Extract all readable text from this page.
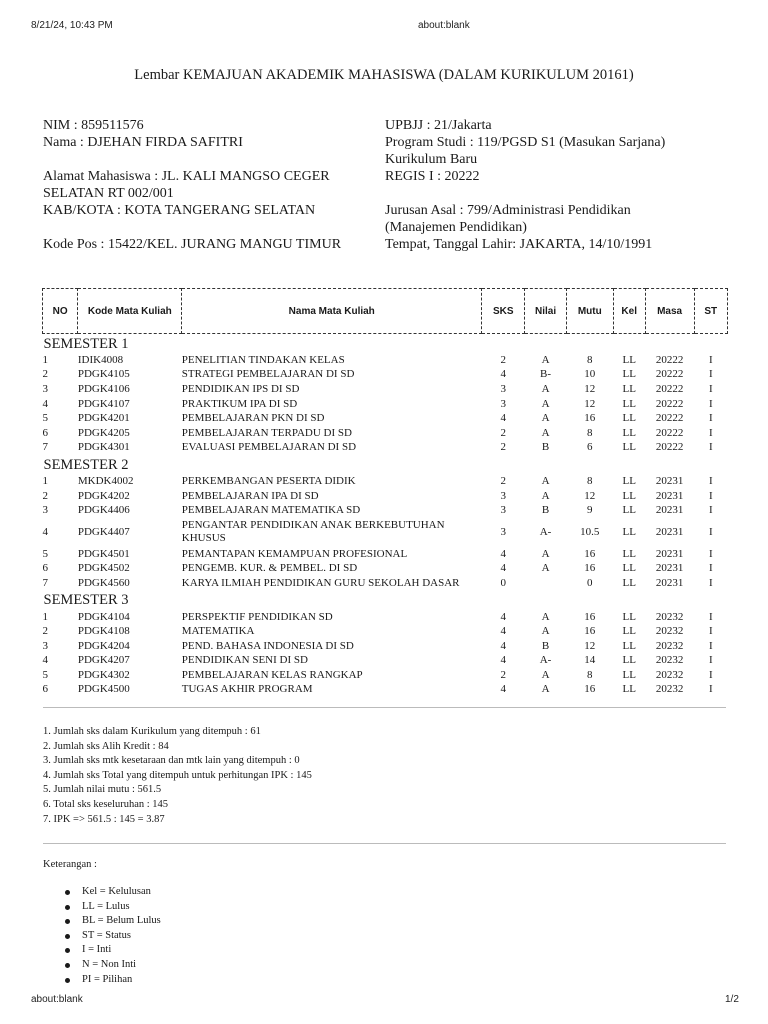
8/21/24, 10:43 PM	about:blank
Lembar KEMAJUAN AKADEMIK MAHASISWA (DALAM KURIKULUM 20161)
NIM : 859511576
Nama : DJEHAN FIRDA SAFITRI
Alamat Mahasiswa : JL. KALI MANGSO CEGER
SELATAN RT 002/001
KAB/KOTA : KOTA TANGERANG SELATAN
Kode Pos : 15422/KEL. JURANG MANGU TIMUR
UPBJJ : 21/Jakarta
Program Studi : 119/PGSD S1 (Masukan Sarjana)
Kurikulum Baru
REGIS I : 20222
Jurusan Asal : 799/Administrasi Pendidikan
(Manajemen Pendidikan)
Tempat, Tanggal Lahir: JAKARTA, 14/10/1991
NO	Kode Mata Kuliah	Nama Mata Kuliah	SKS	Nilai	Mutu	Kel	Masa	ST
SEMESTER 1								
1	IDIK4008	PENELITIAN TINDAKAN KELAS	2	A	8	LL	20222	I
2	PDGK4105	STRATEGI PEMBELAJARAN DI SD	4	B-	10	LL	20222	I
3	PDGK4106	PENDIDIKAN IPS DI SD	3	A	12	LL	20222	I
4	PDGK4107	PRAKTIKUM IPA DI SD	3	A	12	LL	20222	I
5	PDGK4201	PEMBELAJARAN PKN DI SD	4	A	16	LL	20222	I
6	PDGK4205	PEMBELAJARAN TERPADU DI SD	2	A	8	LL	20222	I
7	PDGK4301	EVALUASI PEMBELAJARAN DI SD	2	B	6	LL	20222	I
SEMESTER 2								
1	MKDK4002	PERKEMBANGAN PESERTA DIDIK	2	A	8	LL	20231	I
2	PDGK4202	PEMBELAJARAN IPA DI SD	3	A	12	LL	20231	I
3	PDGK4406	PEMBELAJARAN MATEMATIKA SD	3	B	9	LL	20231	I
4	PDGK4407	PENGANTAR PENDIDIKAN ANAK BERKEBUTUHAN KHUSUS	3	A-	10.5	LL	20231	I
5	PDGK4501	PEMANTAPAN KEMAMPUAN PROFESIONAL	4	A	16	LL	20231	I
6	PDGK4502	PENGEMB. KUR. & PEMBEL. DI SD	4	A	16	LL	20231	I
7	PDGK4560	KARYA ILMIAH PENDIDIKAN GURU SEKOLAH DASAR	0		0	LL	20231	I
SEMESTER 3								
1	PDGK4104	PERSPEKTIF PENDIDIKAN SD	4	A	16	LL	20232	I
2	PDGK4108	MATEMATIKA	4	A	16	LL	20232	I
3	PDGK4204	PEND. BAHASA INDONESIA DI SD	4	B	12	LL	20232	I
4	PDGK4207	PENDIDIKAN SENI DI SD	4	A-	14	LL	20232	I
5	PDGK4302	PEMBELAJARAN KELAS RANGKAP	2	A	8	LL	20232	I
6	PDGK4500	TUGAS AKHIR PROGRAM	4	A	16	LL	20232	I
1. Jumlah sks dalam Kurikulum yang ditempuh : 61
2. Jumlah sks Alih Kredit : 84
3. Jumlah sks mtk kesetaraan dan mtk lain yang ditempuh : 0
4. Jumlah sks Total yang ditempuh untuk perhitungan IPK : 145
5. Jumlah nilai mutu : 561.5
6. Total sks keseluruhan : 145
7. IPK => 561.5 : 145 = 3.87
Keterangan :
Kel = Kelulusan
LL = Lulus
BL = Belum Lulus
ST = Status
I = Inti
N = Non Inti
PI = Pilihan
about:blank	1/2
